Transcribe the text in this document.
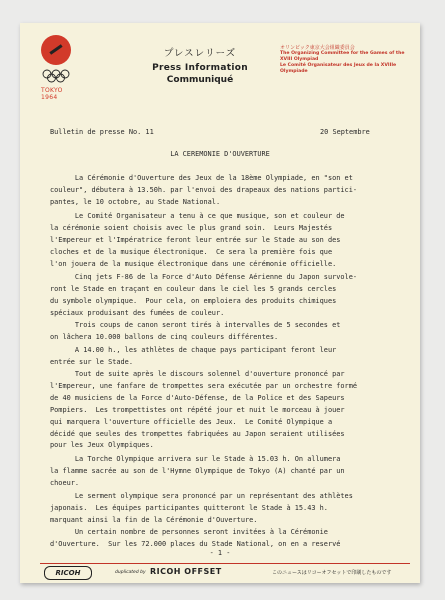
TOKYO 1964
プレスレリーズ
Press Information
Communiqué
オリンピック東京大会組織委員会
The Organizing Committee for the Games of the XVIII Olympiad
Le Comité Organisateur des Jeux de la XVIIIe Olympiade
Bulletin de presse No. 11	20 Septembre
LA CEREMONIE D'OUVERTURE
La Cérémonie d'Ouverture des Jeux de la 18ème Olympiade, en "son et
couleur", débutera à 13.50h. par l'envoi des drapeaux des nations partici-
pantes, le 10 octobre, au Stade National.
Le Comité Organisateur a tenu à ce que musique, son et couleur de
la cérémonie soient choisis avec le plus grand soin.  Leurs Majestés
l'Empereur et l'Impératrice feront leur entrée sur le Stade au son des
cloches et de la musique électronique.  Ce sera la première fois que
l'on jouera de la musique électronique dans une cérémonie officielle.
Cinq jets F-86 de la Force d'Auto Défense Aérienne du Japon survole-
ront le Stade en traçant en couleur dans le ciel les 5 grands cercles
du symbole olympique.  Pour cela, on emploiera des produits chimiques
spéciaux produisant des fumées de couleur.
Trois coups de canon seront tirés à intervalles de 5 secondes et
on lâchera 10.000 ballons de cinq couleurs différentes.
A 14.00 h., les athlètes de chaque pays participant feront leur
entrée sur le Stade.
Tout de suite après le discours solennel d'ouverture prononcé par
l'Empereur, une fanfare de trompettes sera exécutée par un orchestre formé
de 40 musiciens de la Force d'Auto-Défense, de la Police et des Sapeurs
Pompiers.  Les trompettistes ont répété jour et nuit le morceau à jouer
qui marquera l'ouverture officielle des Jeux.  Le Comité Olympique a
décidé que seules des trompettes fabriquées au Japon seraient utilisées
pour les Jeux Olympiques.
La Torche Olympique arrivera sur le Stade à 15.03 h. On allumera
la flamme sacrée au son de l'Hymne Olympique de Tokyo (A) chanté par un
choeur.
Le serment olympique sera prononcé par un représentant des athlètes
japonais.  Les équipes participantes quitteront le Stade à 15.43 h.
marquant ainsi la fin de la Cérémonie d'Ouverture.
Un certain nombre de personnes seront invitées à la Cérémonie
d'Ouverture.  Sur les 72.000 places du Stade National, on en a reservé
- 1 -
RICOH	duplicated by RICOH OFFSET	このニュースはリコーオフセットで印刷したものです
